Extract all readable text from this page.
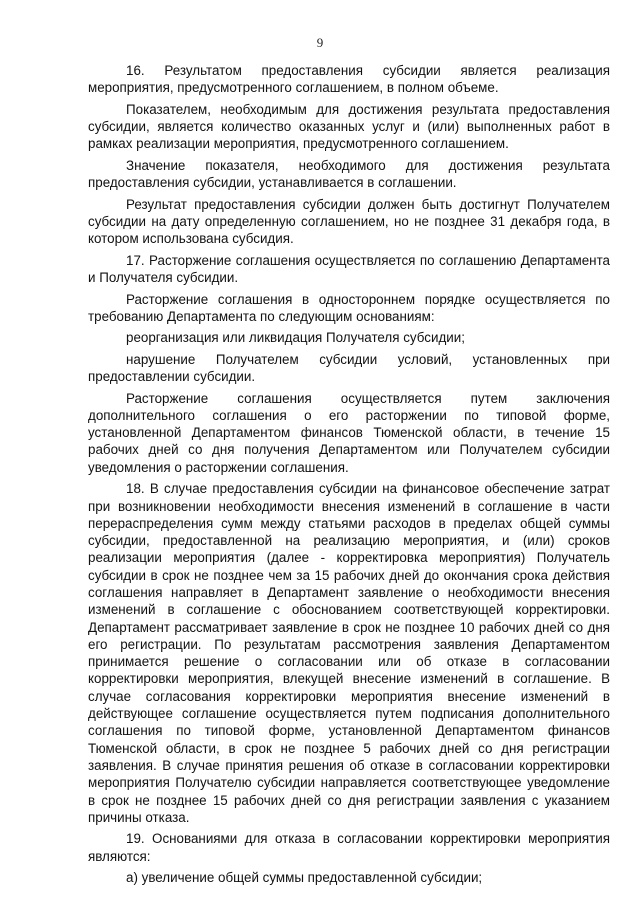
9

16. Результатом предоставления субсидии является реализация мероприятия, предусмотренного соглашением, в полном объеме.

Показателем, необходимым для достижения результата предоставления субсидии, является количество оказанных услуг и (или) выполненных работ в рамках реализации мероприятия, предусмотренного соглашением.

Значение показателя, необходимого для достижения результата предоставления субсидии, устанавливается в соглашении.

Результат предоставления субсидии должен быть достигнут Получателем субсидии на дату определенную соглашением, но не позднее 31 декабря года, в котором использована субсидия.

17. Расторжение соглашения осуществляется по соглашению Департамента и Получателя субсидии.

Расторжение соглашения в одностороннем порядке осуществляется по требованию Департамента по следующим основаниям:

реорганизация или ликвидация Получателя субсидии;

нарушение Получателем субсидии условий, установленных при предоставлении субсидии.

Расторжение соглашения осуществляется путем заключения дополнительного соглашения о его расторжении по типовой форме, установленной Департаментом финансов Тюменской области, в течение 15 рабочих дней со дня получения Департаментом или Получателем субсидии уведомления о расторжении соглашения.

18. В случае предоставления субсидии на финансовое обеспечение затрат при возникновении необходимости внесения изменений в соглашение в части перераспределения сумм между статьями расходов в пределах общей суммы субсидии, предоставленной на реализацию мероприятия, и (или) сроков реализации мероприятия (далее - корректировка мероприятия) Получатель субсидии в срок не позднее чем за 15 рабочих дней до окончания срока действия соглашения направляет в Департамент заявление о необходимости внесения изменений в соглашение с обоснованием соответствующей корректировки. Департамент рассматривает заявление в срок не позднее 10 рабочих дней со дня его регистрации. По результатам рассмотрения заявления Департаментом принимается решение о согласовании или об отказе в согласовании корректировки мероприятия, влекущей внесение изменений в соглашение. В случае согласования корректировки мероприятия внесение изменений в действующее соглашение осуществляется путем подписания дополнительного соглашения по типовой форме, установленной Департаментом финансов Тюменской области, в срок не позднее 5 рабочих дней со дня регистрации заявления. В случае принятия решения об отказе в согласовании корректировки мероприятия Получателю субсидии направляется соответствующее уведомление в срок не позднее 15 рабочих дней со дня регистрации заявления с указанием причины отказа.

19. Основаниями для отказа в согласовании корректировки мероприятия являются:

а) увеличение общей суммы предоставленной субсидии;
